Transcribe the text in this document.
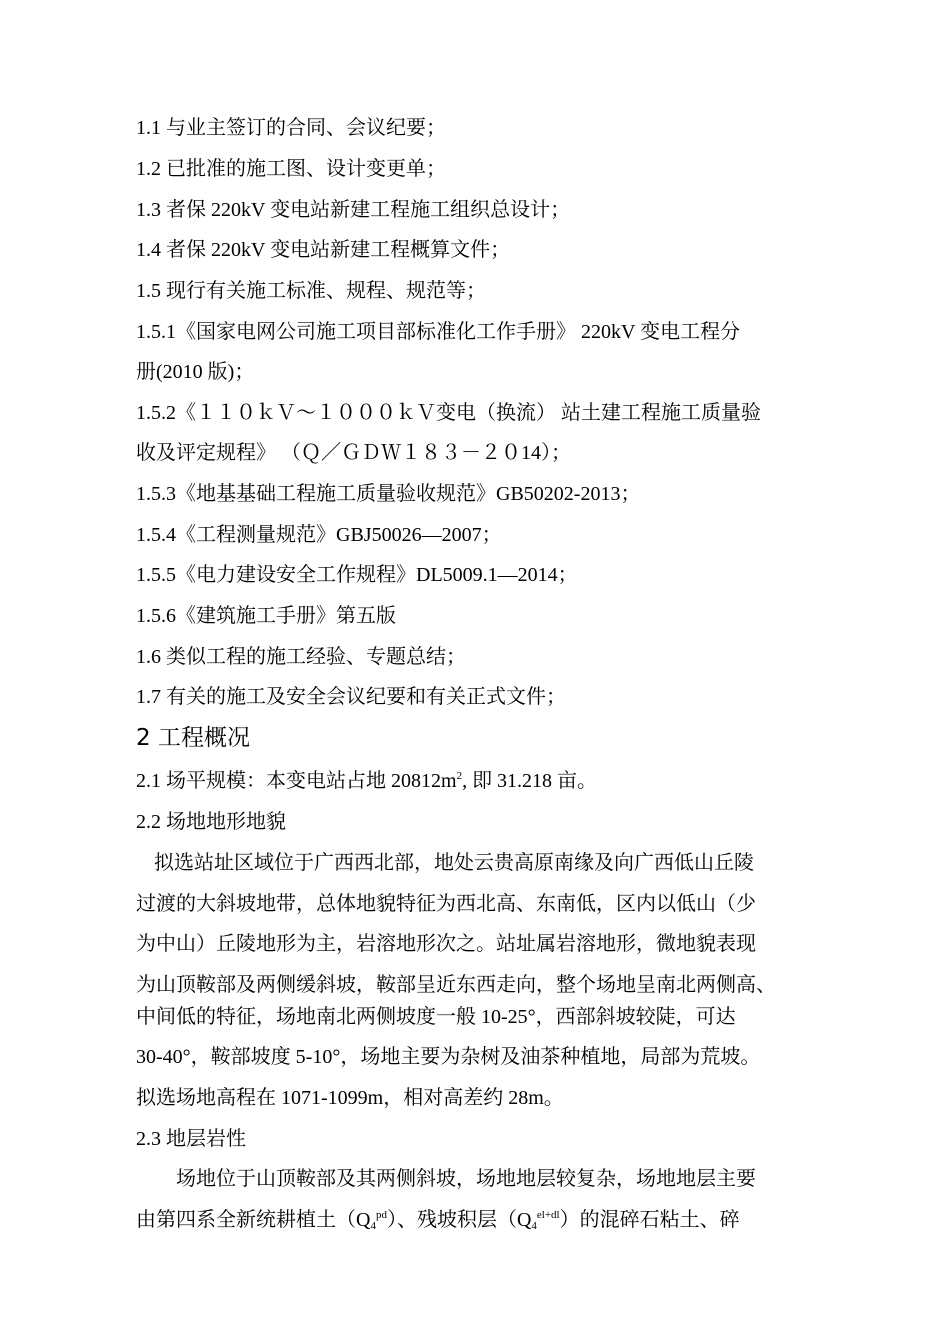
1.1 与业主签订的合同、会议纪要；
1.2 已批准的施工图、设计变更单；
1.3 者保 220kV 变电站新建工程施工组织总设计；
1.4 者保 220kV 变电站新建工程概算文件；
1.5 现行有关施工标准、规程、规范等；
1.5.1《国家电网公司施工项目部标准化工作手册》 220kV 变电工程分
册(2010 版)；
1.5.2《１１０ｋＶ～１０００ｋＶ变电（换流） 站土建工程施工质量验
收及评定规程》 （Ｑ／ＧＤＷ１８３－２０14）；
1.5.3《地基基础工程施工质量验收规范》GB50202-2013；
1.5.4《工程测量规范》GBJ50026—2007；
1.5.5《电力建设安全工作规程》DL5009.1—2014；
1.5.6《建筑施工手册》第五版
1.6 类似工程的施工经验、专题总结；
1.7 有关的施工及安全会议纪要和有关正式文件；
2 工程概况
2.1 场平规模：本变电站占地 $20812m^2$, 即 31.218 亩。
2.2 场地地形地貌
拟选站址区域位于广西西北部，地处云贵高原南缘及向广西低山丘陵
过渡的大斜坡地带，总体地貌特征为西北高、东南低，区内以低山（少
为中山）丘陵地形为主，岩溶地形次之。站址属岩溶地形，微地貌表现
为山顶鞍部及两侧缓斜坡，鞍部呈近东西走向，整个场地呈南北两侧高、
中间低的特征，场地南北两侧坡度一般 10-25°，西部斜坡较陡，可达
30-40°，鞍部坡度 5-10°，场地主要为杂树及油茶种植地，局部为荒坡。
拟选场地高程在 1071-1099m，相对高差约 28m。
2.3 地层岩性
场地位于山顶鞍部及其两侧斜坡，场地地层较复杂，场地地层主要
由第四系全新统耕植土$(Q_4^{pd})$、残坡积层$(Q_4^{el+dl})$的混碎石粘土、碎
